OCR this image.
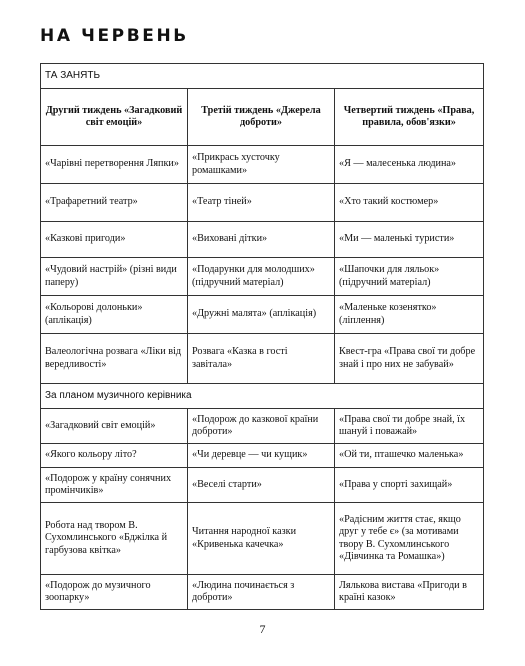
НА ЧЕРВЕНЬ
ТА ЗАНЯТЬ		
Другий тиждень «Загадковий світ емоцій»	Третій тиждень «Джерела доброти»	Четвертий тиждень «Права, правила, обов'язки»
«Чарівні перетворення Ляпки»	«Прикрась хусточку ромашками»	«Я — малесенька людина»
«Трафаретний театр»	«Театр тіней»	«Хто такий костюмер»
«Казкові пригоди»	«Виховані дітки»	«Ми — маленькі туристи»
«Чудовий настрій» (різні види паперу)	«Подарунки для молодших» (підручний матеріал)	«Шапочки для ляльок» (підручний матеріал)
«Кольорові долоньки» (аплікація)	«Дружні малята» (аплікація)	«Маленьке козенятко» (ліплення)
Валеологічна розвага «Ліки від вередливості»	Розвага «Казка в гості завітала»	Квест-гра «Права свої ти добре знай і про них не забувай»
За планом музичного керівника		
«Загадковий світ емоцій»	«Подорож до казкової країни доброти»	«Права свої ти добре знай, їх шануй і поважай»
«Якого кольору літо?	«Чи деревце — чи кущик»	«Ой ти, пташечко маленька»
«Подорож у країну сонячних промінчиків»	«Веселі старти»	«Права у спорті захищай»
Робота над твором В. Сухомлинського «Бджілка й гарбузова квітка»	Читання народної казки «Кривенька качечка»	«Радісним життя стає, якщо друг у тебе є» (за мотивами твору В. Сухомлинського «Дівчинка та Ромашка»)
«Подорож до музичного зоопарку»	«Людина починається з доброти»	Лялькова вистава «Пригоди в країні казок»
7
